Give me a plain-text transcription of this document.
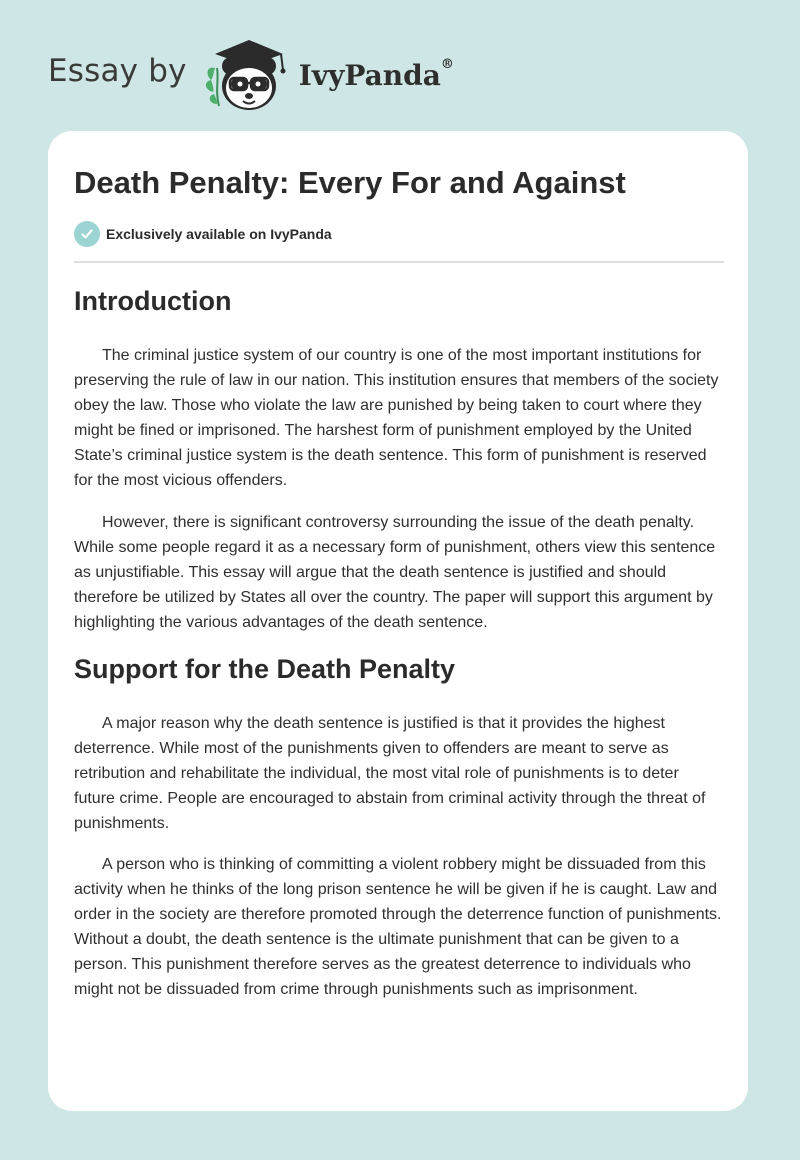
Essay by	IvyPanda®
Death Penalty: Every For and Against
Exclusively available on IvyPanda
Introduction

The criminal justice system of our country is one of the most important institutions for preserving the rule of law in our nation. This institution ensures that members of the society obey the law. Those who violate the law are punished by being taken to court where they might be fined or imprisoned. The harshest form of punishment employed by the United State’s criminal justice system is the death sentence. This form of punishment is reserved for the most vicious offenders.

However, there is significant controversy surrounding the issue of the death penalty. While some people regard it as a necessary form of punishment, others view this sentence as unjustifiable. This essay will argue that the death sentence is justified and should therefore be utilized by States all over the country. The paper will support this argument by highlighting the various advantages of the death sentence.

Support for the Death Penalty

A major reason why the death sentence is justified is that it provides the highest deterrence. While most of the punishments given to offenders are meant to serve as retribution and rehabilitate the individual, the most vital role of punishments is to deter future crime. People are encouraged to abstain from criminal activity through the threat of punishments.

A person who is thinking of committing a violent robbery might be dissuaded from this activity when he thinks of the long prison sentence he will be given if he is caught. Law and order in the society are therefore promoted through the deterrence function of punishments. Without a doubt, the death sentence is the ultimate punishment that can be given to a person. This punishment therefore serves as the greatest deterrence to individuals who might not be dissuaded from crime through punishments such as imprisonment.
